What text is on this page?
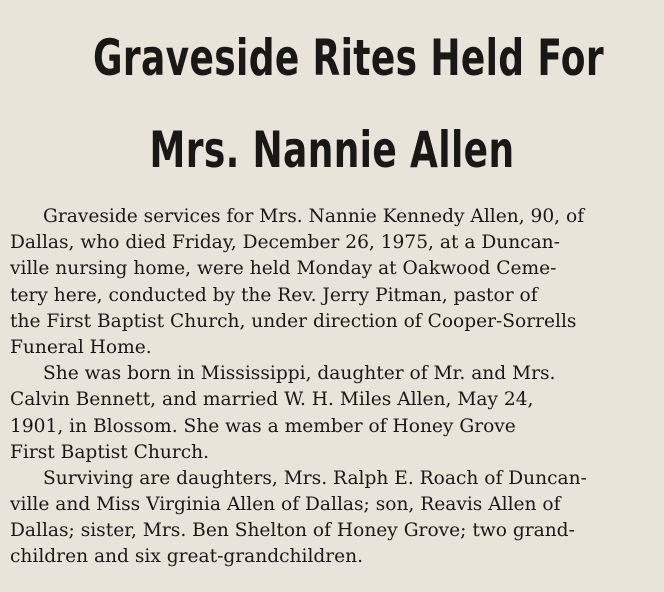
Graveside Rites Held For
Mrs. Nannie Allen
Graveside services for Mrs. Nannie Kennedy Allen, 90, of
Dallas, who died Friday, December 26, 1975, at a Duncan-
ville nursing home, were held Monday at Oakwood Ceme-
tery here, conducted by the Rev. Jerry Pitman, pastor of
the First Baptist Church, under direction of Cooper-Sorrells
Funeral Home.
She was born in Mississippi, daughter of Mr. and Mrs.
Calvin Bennett, and married W. H. Miles Allen, May 24,
1901, in Blossom. She was a member of Honey Grove
First Baptist Church.
Surviving are daughters, Mrs. Ralph E. Roach of Duncan-
ville and Miss Virginia Allen of Dallas; son, Reavis Allen of
Dallas; sister, Mrs. Ben Shelton of Honey Grove; two grand-
children and six great-grandchildren.
